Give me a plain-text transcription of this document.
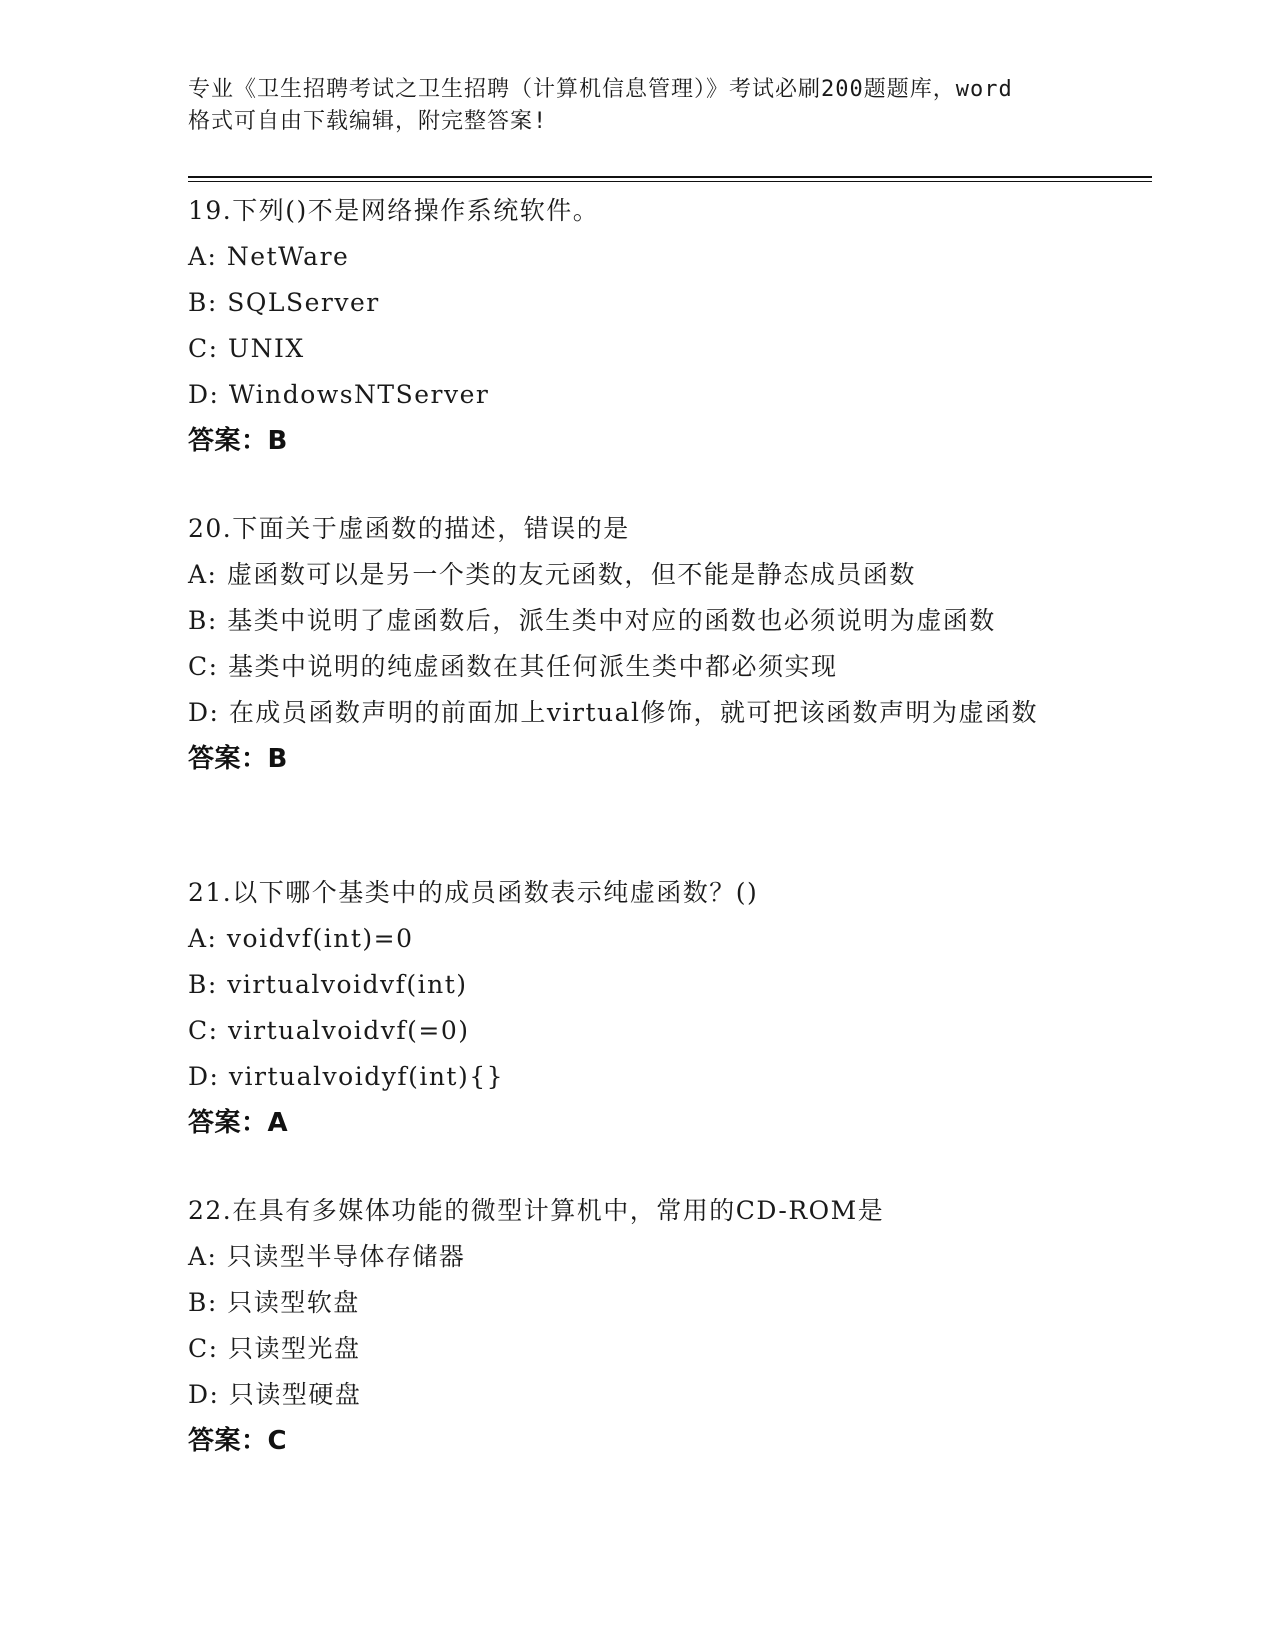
专业《卫生招聘考试之卫生招聘（计算机信息管理）》考试必刷200题题库，word
格式可自由下载编辑，附完整答案!
19.下列()不是网络操作系统软件。
A: NetWare
B: SQLServer
C: UNIX
D: WindowsNTServer
答案：B
20.下面关于虚函数的描述，错误的是
A: 虚函数可以是另一个类的友元函数，但不能是静态成员函数
B: 基类中说明了虚函数后，派生类中对应的函数也必须说明为虚函数
C: 基类中说明的纯虚函数在其任何派生类中都必须实现
D: 在成员函数声明的前面加上virtual修饰，就可把该函数声明为虚函数
答案：B
21.以下哪个基类中的成员函数表示纯虚函数？()
A: voidvf(int)=0
B: virtualvoidvf(int)
C: virtualvoidvf(=0)
D: virtualvoidyf(int){}
答案：A
22.在具有多媒体功能的微型计算机中，常用的CD-ROM是
A: 只读型半导体存储器
B: 只读型软盘
C: 只读型光盘
D: 只读型硬盘
答案：C
